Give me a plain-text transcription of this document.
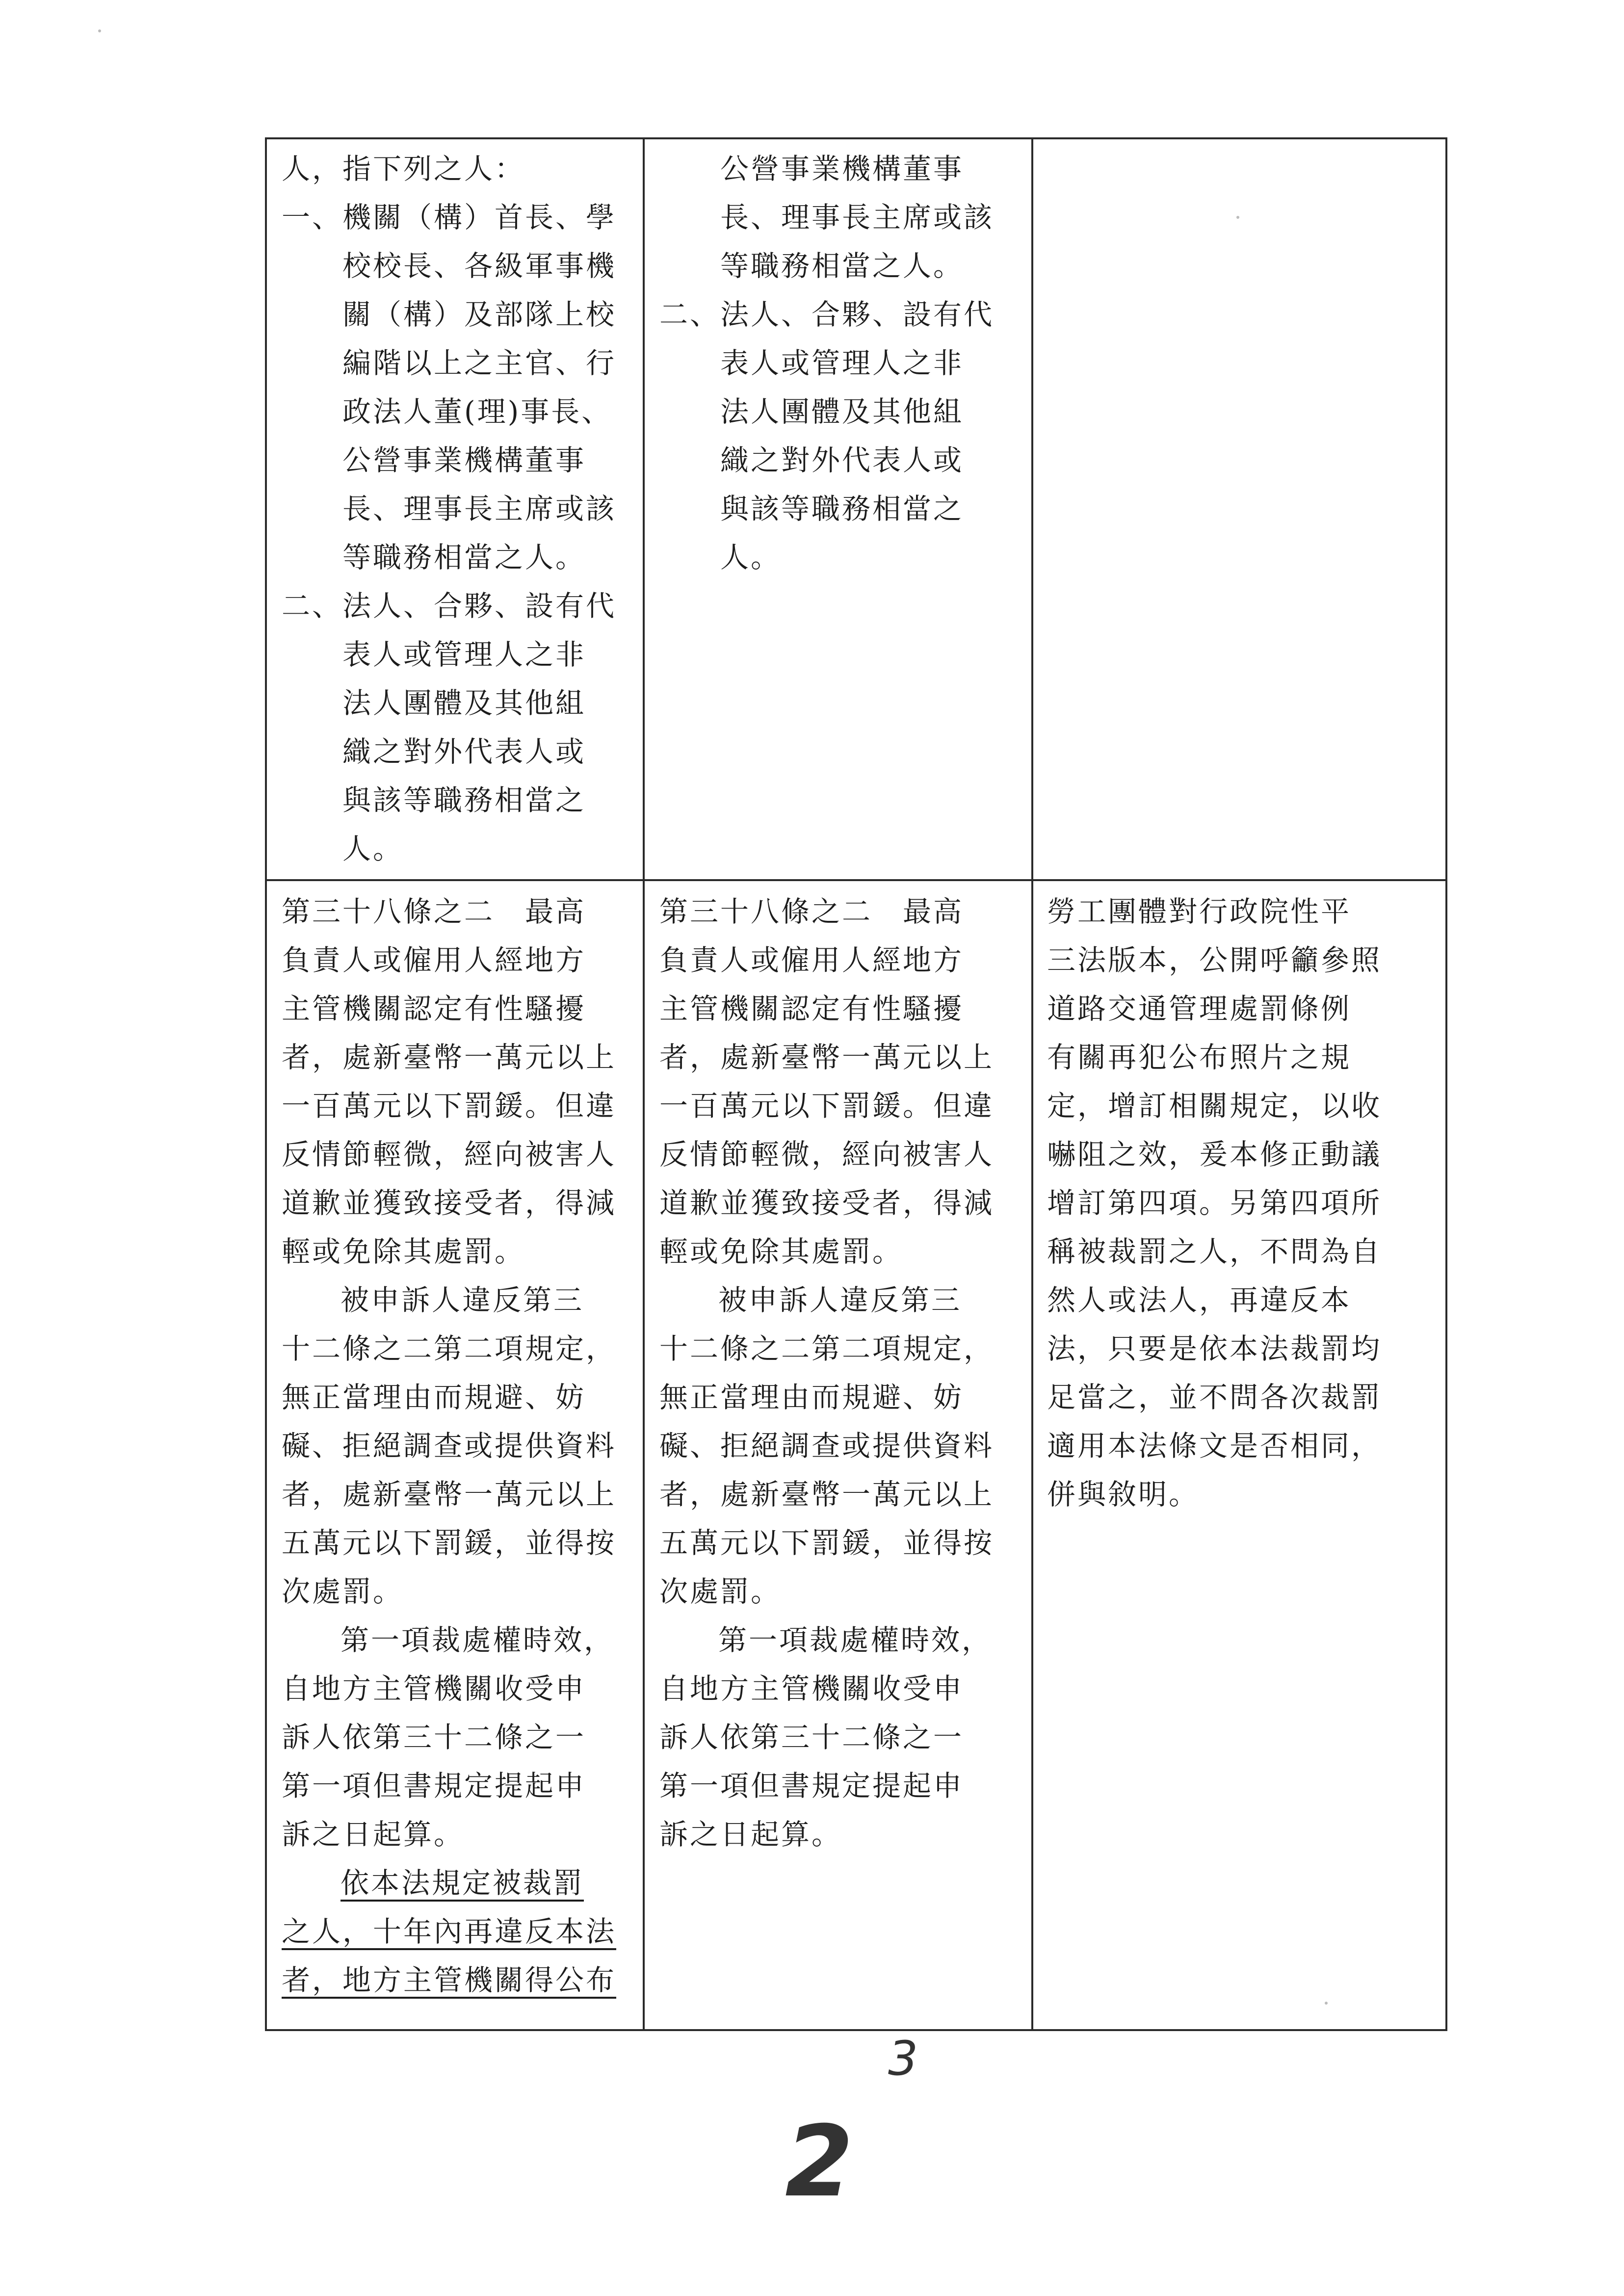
人，指下列之人：
一、機關（構）首長、學
校校長、各級軍事機
關（構）及部隊上校
編階以上之主官、行
政法人董(理)事長、
公營事業機構董事
長、理事長主席或該
等職務相當之人。
二、法人、合夥、設有代
表人或管理人之非
法人團體及其他組
織之對外代表人或
與該等職務相當之
人。
公營事業機構董事
長、理事長主席或該
等職務相當之人。
二、法人、合夥、設有代
表人或管理人之非
法人團體及其他組
織之對外代表人或
與該等職務相當之
人。
第三十八條之二　最高
負責人或僱用人經地方
主管機關認定有性騷擾
者，處新臺幣一萬元以上
一百萬元以下罰鍰。但違
反情節輕微，經向被害人
道歉並獲致接受者，得減
輕或免除其處罰。
被申訴人違反第三
十二條之二第二項規定，
無正當理由而規避、妨
礙、拒絕調查或提供資料
者，處新臺幣一萬元以上
五萬元以下罰鍰，並得按
次處罰。
第一項裁處權時效，
自地方主管機關收受申
訴人依第三十二條之一
第一項但書規定提起申
訴之日起算。
依本法規定被裁罰
之人，十年內再違反本法
者，地方主管機關得公布
第三十八條之二　最高
負責人或僱用人經地方
主管機關認定有性騷擾
者，處新臺幣一萬元以上
一百萬元以下罰鍰。但違
反情節輕微，經向被害人
道歉並獲致接受者，得減
輕或免除其處罰。
被申訴人違反第三
十二條之二第二項規定，
無正當理由而規避、妨
礙、拒絕調查或提供資料
者，處新臺幣一萬元以上
五萬元以下罰鍰，並得按
次處罰。
第一項裁處權時效，
自地方主管機關收受申
訴人依第三十二條之一
第一項但書規定提起申
訴之日起算。
勞工團體對行政院性平
三法版本，公開呼籲參照
道路交通管理處罰條例
有關再犯公布照片之規
定，增訂相關規定，以收
嚇阻之效，爰本修正動議
增訂第四項。另第四項所
稱被裁罰之人，不問為自
然人或法人，再違反本
法，只要是依本法裁罰均
足當之，並不問各次裁罰
適用本法條文是否相同，
併與敘明。
3
2
